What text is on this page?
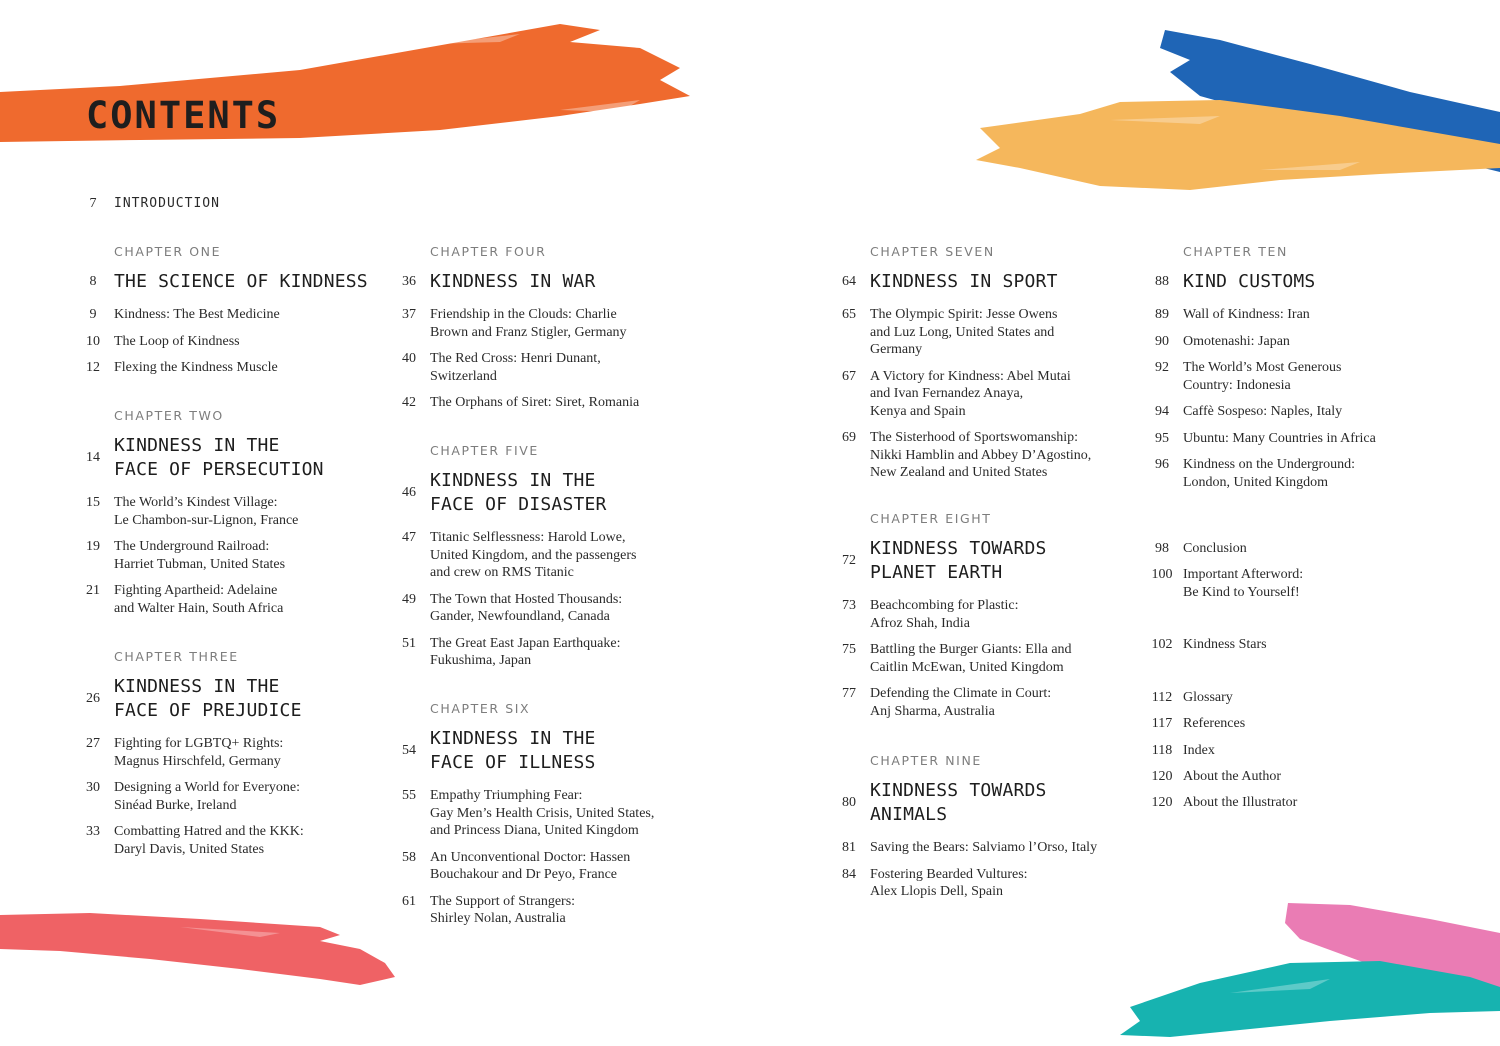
CONTENTS
7	INTRODUCTION
CHAPTER ONE
8 THE SCIENCE OF KINDNESS
9	Kindness: The Best Medicine
10	The Loop of Kindness
12	Flexing the Kindness Muscle
CHAPTER TWO
14
KINDNESS IN THE
FACE OF PERSECUTION
15	The World’s Kindest Village:
Le Chambon-sur-Lignon, France
19	The Underground Railroad:
Harriet Tubman, United States
21	Fighting Apartheid: Adelaine
and Walter Hain, South Africa
CHAPTER THREE
26
KINDNESS IN THE
FACE OF PREJUDICE
27	Fighting for LGBTQ+ Rights:
Magnus Hirschfeld, Germany
30	Designing a World for Everyone:
Sinéad Burke, Ireland
33	Combatting Hatred and the KKK:
Daryl Davis, United States
CHAPTER FOUR
36 KINDNESS IN WAR
37	Friendship in the Clouds: Charlie
Brown and Franz Stigler, Germany
40	The Red Cross: Henri Dunant,
Switzerland
42	The Orphans of Siret: Siret, Romania
CHAPTER FIVE
46
KINDNESS IN THE
FACE OF DISASTER
47	Titanic Selflessness: Harold Lowe,
United Kingdom, and the passengers
and crew on RMS Titanic
49	The Town that Hosted Thousands:
Gander, Newfoundland, Canada
51	The Great East Japan Earthquake:
Fukushima, Japan
CHAPTER SIX
54
KINDNESS IN THE
FACE OF ILLNESS
55	Empathy Triumphing Fear:
Gay Men’s Health Crisis, United States,
and Princess Diana, United Kingdom
58	An Unconventional Doctor: Hassen
Bouchakour and Dr Peyo, France
61	The Support of Strangers:
Shirley Nolan, Australia
CHAPTER SEVEN
64 KINDNESS IN SPORT
65	The Olympic Spirit: Jesse Owens
and Luz Long, United States and
Germany
67	A Victory for Kindness: Abel Mutai
and Ivan Fernandez Anaya,
Kenya and Spain
69	The Sisterhood of Sportswomanship:
Nikki Hamblin and Abbey D’Agostino,
New Zealand and United States
CHAPTER EIGHT
72
KINDNESS TOWARDS
PLANET EARTH
73	Beachcombing for Plastic:
Afroz Shah, India
75	Battling the Burger Giants: Ella and
Caitlin McEwan, United Kingdom
77	Defending the Climate in Court:
Anj Sharma, Australia
CHAPTER NINE
80
KINDNESS TOWARDS ANIMALS
81	Saving the Bears: Salviamo l’Orso, Italy
84	Fostering Bearded Vultures:
Alex Llopis Dell, Spain
CHAPTER TEN
88 KIND CUSTOMS
89	Wall of Kindness: Iran
90	Omotenashi: Japan
92	The World’s Most Generous
Country: Indonesia
94	Caffè Sospeso: Naples, Italy
95	Ubuntu: Many Countries in Africa
96	Kindness on the Underground:
London, United Kingdom
98	Conclusion
100 Important Afterword:
Be Kind to Yourself!
102 Kindness Stars
112 Glossary
117 References
118 Index
120 About the Author
120 About the Illustrator
